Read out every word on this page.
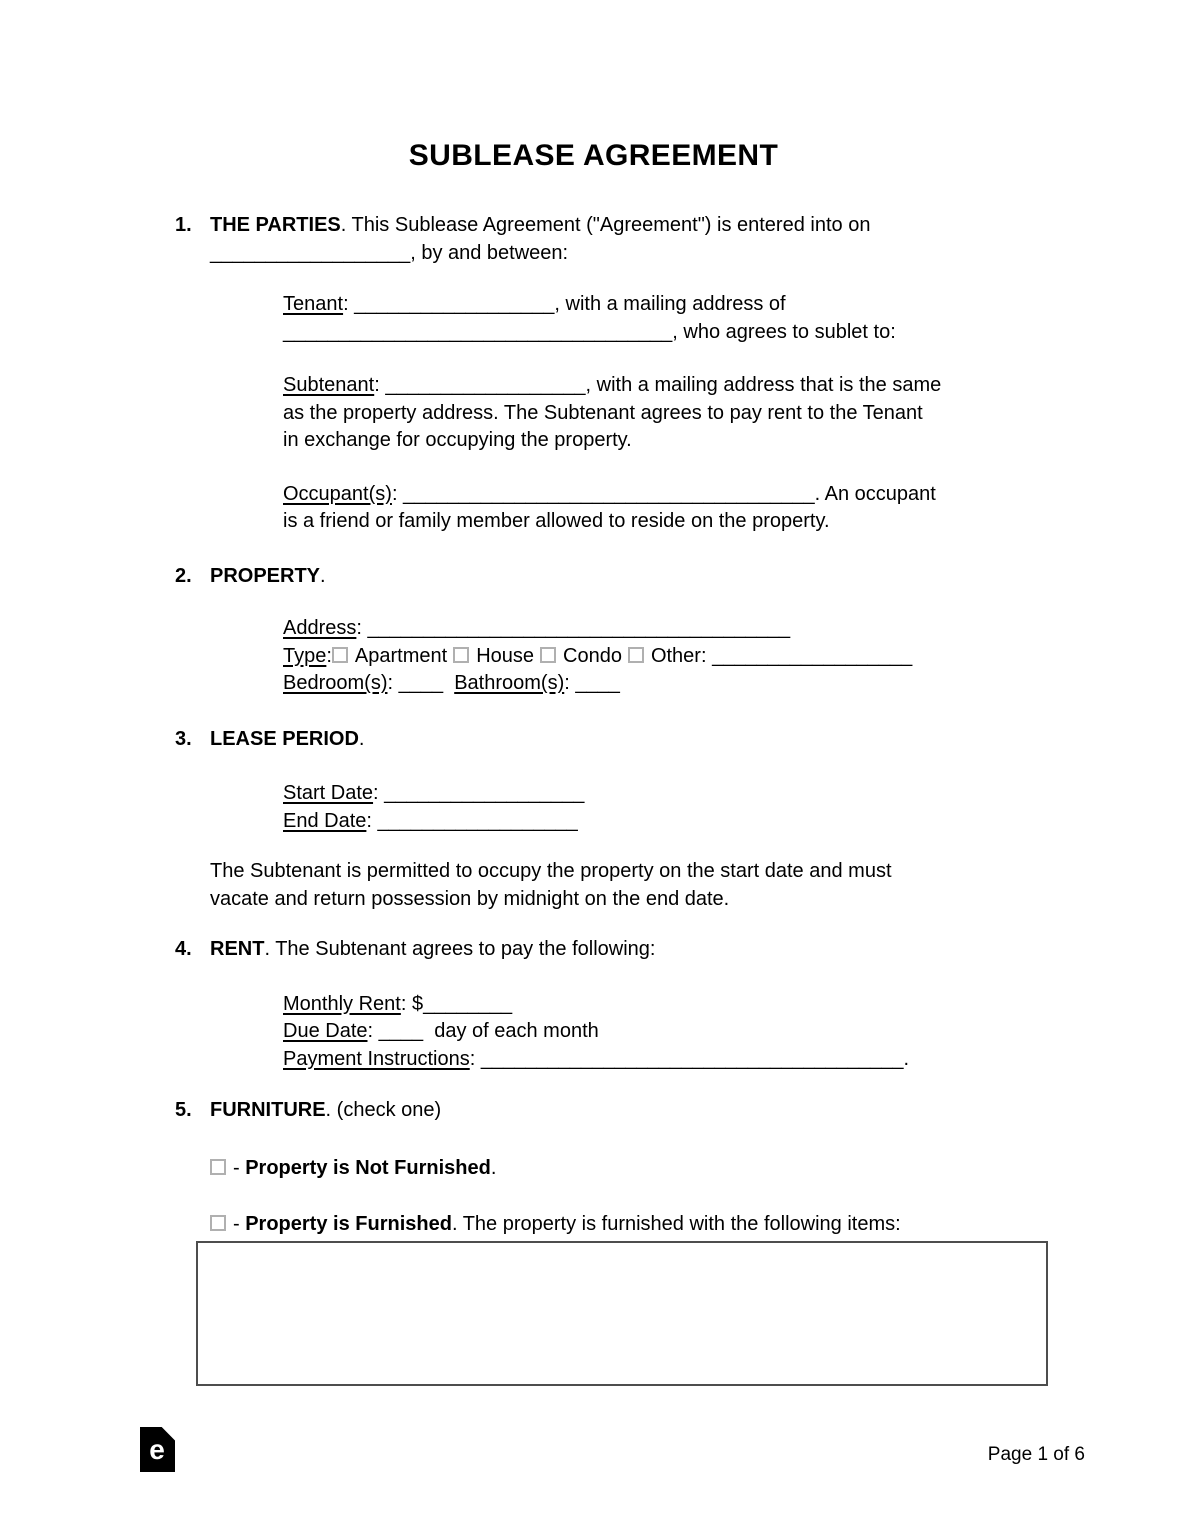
SUBLEASE AGREEMENT
1. THE PARTIES. This Sublease Agreement ("Agreement") is entered into on
__________________, by and between:
Tenant: __________________, with a mailing address of
___________________________________, who agrees to sublet to:
Subtenant: __________________, with a mailing address that is the same
as the property address. The Subtenant agrees to pay rent to the Tenant
in exchange for occupying the property.
Occupant(s): _____________________________________. An occupant
is a friend or family member allowed to reside on the property.
2. PROPERTY.
Address: ______________________________________
Type: Apartment House Condo Other: __________________
Bedroom(s): ____  Bathroom(s): ____
3. LEASE PERIOD.
Start Date: __________________
End Date: __________________
The Subtenant is permitted to occupy the property on the start date and must
vacate and return possession by midnight on the end date.
4. RENT. The Subtenant agrees to pay the following:
Monthly Rent: $________
Due Date: ____  day of each month
Payment Instructions: ______________________________________.
5. FURNITURE. (check one)
- Property is Not Furnished.
- Property is Furnished. The property is furnished with the following items:
e	Page 1 of 6
